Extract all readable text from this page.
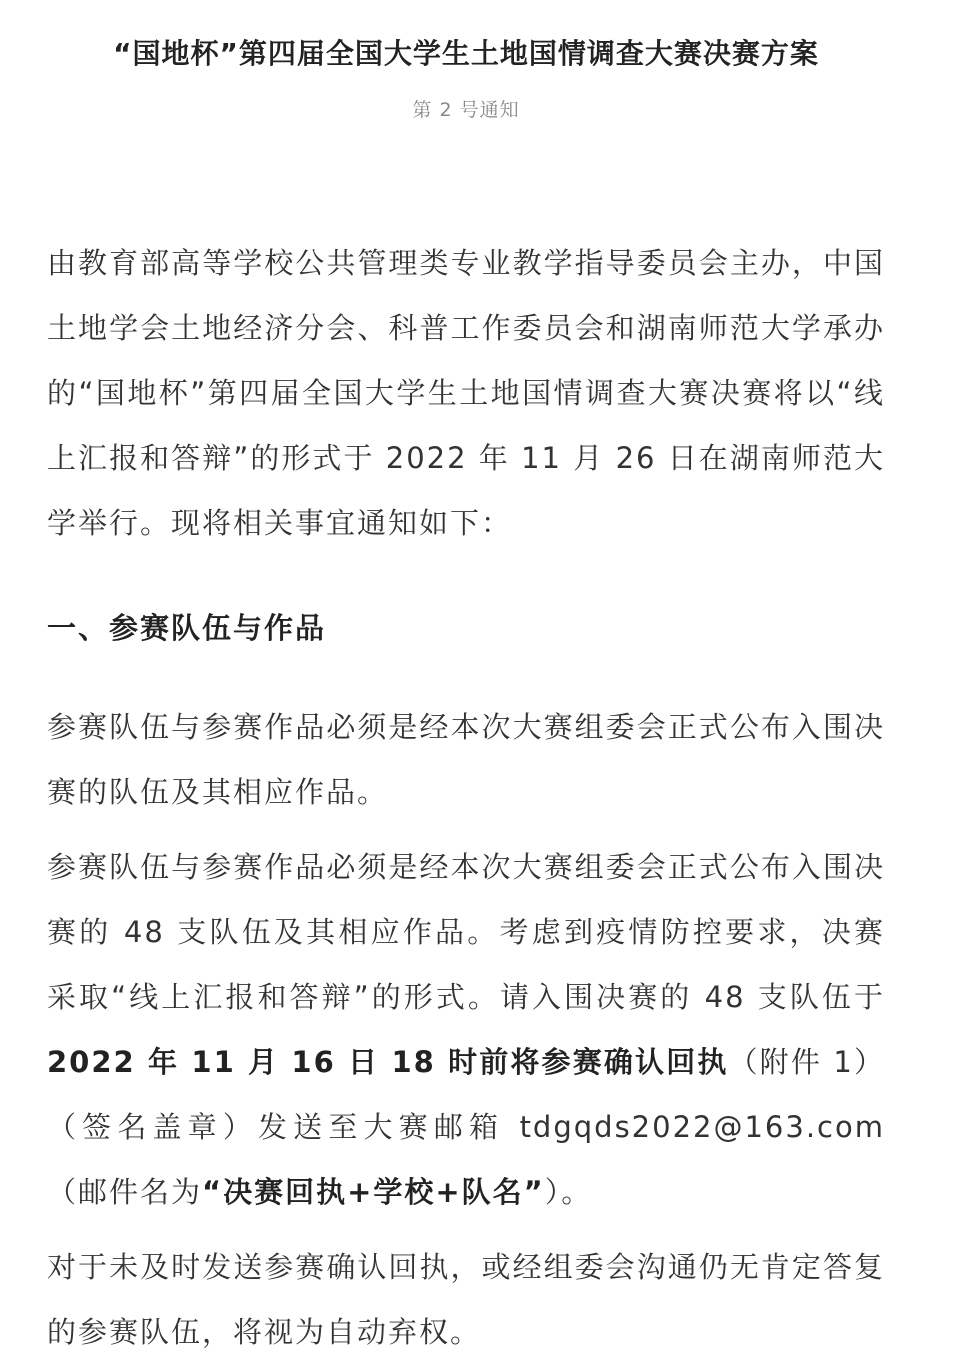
“国地杯”第四届全国大学生土地国情调查大赛决赛方案
第 2 号通知

由教育部高等学校公共管理类专业教学指导委员会主办，中国土地学会土地经济分会、科普工作委员会和湖南师范大学承办的“国地杯”第四届全国大学生土地国情调查大赛决赛将以“线上汇报和答辩”的形式于 2022 年 11 月 26 日在湖南师范大学举行。现将相关事宜通知如下：

一、参赛队伍与作品

参赛队伍与参赛作品必须是经本次大赛组委会正式公布入围决赛的队伍及其相应作品。

参赛队伍与参赛作品必须是经本次大赛组委会正式公布入围决赛的 48 支队伍及其相应作品。考虑到疫情防控要求，决赛采取“线上汇报和答辩”的形式。请入围决赛的 48 支队伍于2022 年 11 月 16 日 18 时前将参赛确认回执（附件 1）（签名盖章）发送至大赛邮箱 tdgqds2022@163.com（邮件名为“决赛回执+学校+队名”）。

对于未及时发送参赛确认回执，或经组委会沟通仍无肯定答复的参赛队伍，将视为自动弃权。
